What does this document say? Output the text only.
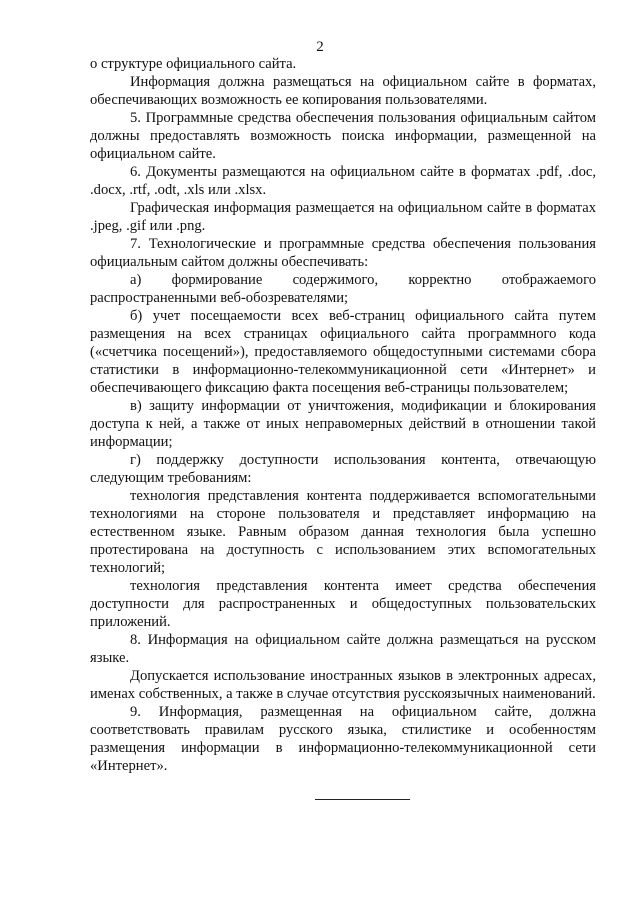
2

о структуре официального сайта.

Информация должна размещаться на официальном сайте в форматах, обеспечивающих возможность ее копирования пользователями.

5. Программные средства обеспечения пользования официальным сайтом должны предоставлять возможность поиска информации, размещенной на официальном сайте.

6. Документы размещаются на официальном сайте в форматах .pdf, .doc, .docx, .rtf, .odt, .xls или .xlsx.

Графическая информация размещается на официальном сайте в форматах .jpeg, .gif или .png.

7. Технологические и программные средства обеспечения пользования официальным сайтом должны обеспечивать:

а) формирование содержимого, корректно отображаемого распространенными веб-обозревателями;

б) учет посещаемости всех веб-страниц официального сайта путем размещения на всех страницах официального сайта программного кода («счетчика посещений»), предоставляемого общедоступными системами сбора статистики в информационно-телекоммуникационной сети «Интернет» и обеспечивающего фиксацию факта посещения веб-страницы пользователем;

в) защиту информации от уничтожения, модификации и блокирования доступа к ней, а также от иных неправомерных действий в отношении такой информации;

г) поддержку доступности использования контента, отвечающую следующим требованиям:

технология представления контента поддерживается вспомогательными технологиями на стороне пользователя и представляет информацию на естественном языке. Равным образом данная технология была успешно протестирована на доступность с использованием этих вспомогательных технологий;

технология представления контента имеет средства обеспечения доступности для распространенных и общедоступных пользовательских приложений.

8. Информация на официальном сайте должна размещаться на русском языке.

Допускается использование иностранных языков в электронных адресах, именах собственных, а также в случае отсутствия русскоязычных наименований.

9. Информация, размещенная на официальном сайте, должна соответствовать правилам русского языка, стилистике и особенностям размещения информации в информационно-телекоммуникационной сети «Интернет».
